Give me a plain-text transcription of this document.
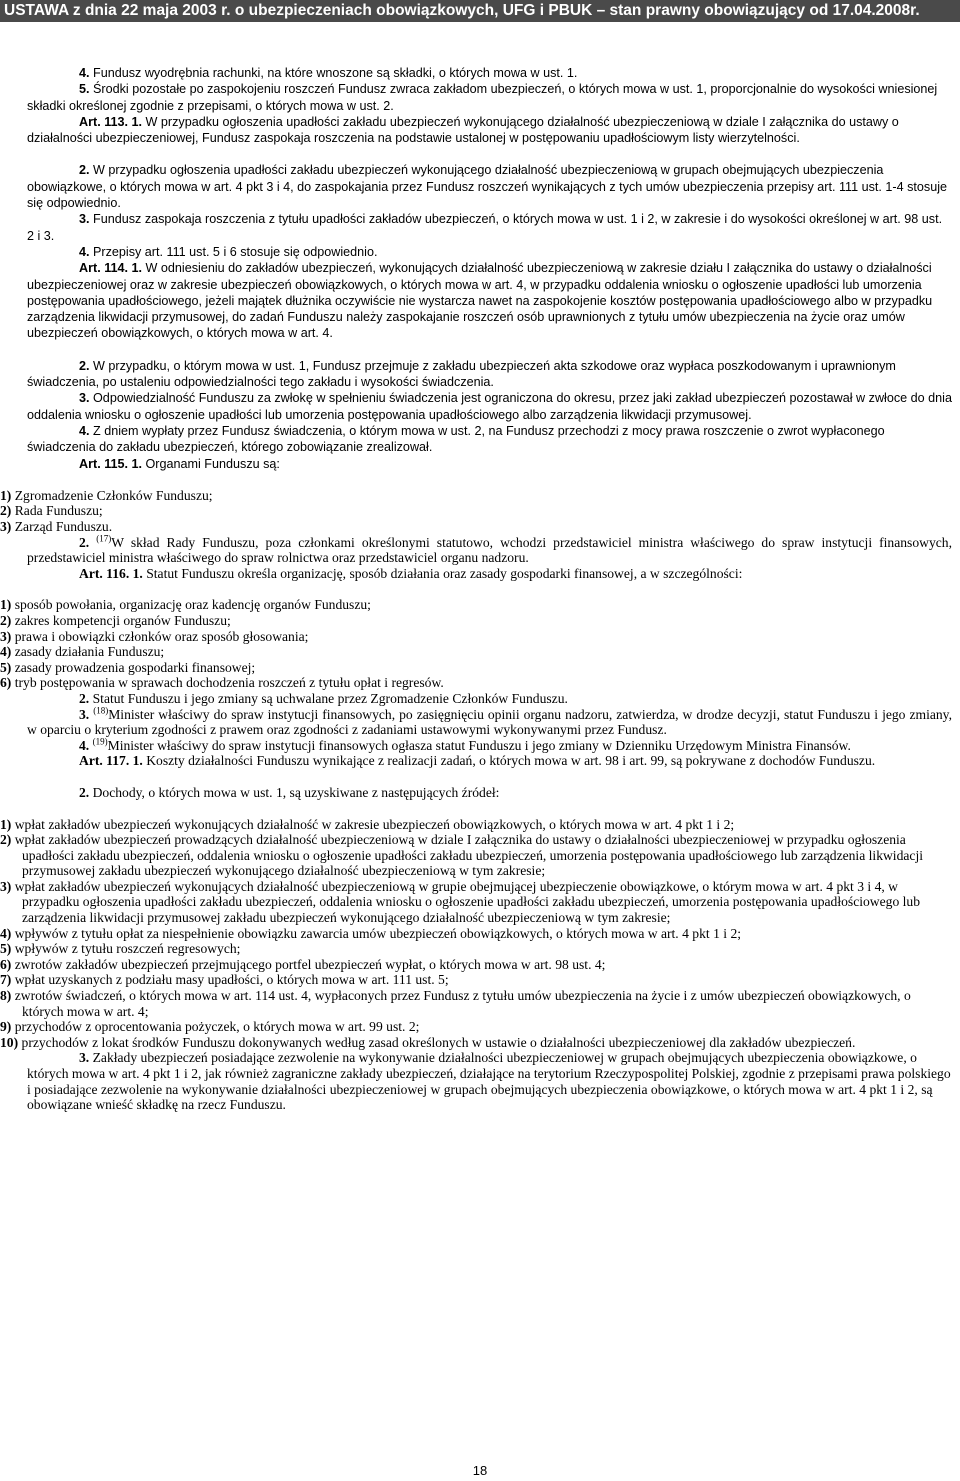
USTAWA z dnia 22 maja 2003 r. o ubezpieczeniach obowiązkowych, UFG i PBUK – stan prawny obowiązujący od 17.04.2008r.

4. Fundusz wyodrębnia rachunki, na które wnoszone są składki, o których mowa w ust. 1.

5. Środki pozostałe po zaspokojeniu roszczeń Fundusz zwraca zakładom ubezpieczeń, o których mowa w ust. 1, proporcjonalnie do wysokości wniesionej składki określonej zgodnie z przepisami, o których mowa w ust. 2.

Art. 113. 1. W przypadku ogłoszenia upadłości zakładu ubezpieczeń wykonującego działalność ubezpieczeniową w dziale I załącznika do ustawy o działalności ubezpieczeniowej, Fundusz zaspokaja roszczenia na podstawie ustalonej w postępowaniu upadłościowym listy wierzytelności.

2. W przypadku ogłoszenia upadłości zakładu ubezpieczeń wykonującego działalność ubezpieczeniową w grupach obejmujących ubezpieczenia obowiązkowe, o których mowa w art. 4 pkt 3 i 4, do zaspokajania przez Fundusz roszczeń wynikających z tych umów ubezpieczenia przepisy art. 111 ust. 1-4 stosuje się odpowiednio.

3. Fundusz zaspokaja roszczenia z tytułu upadłości zakładów ubezpieczeń, o których mowa w ust. 1 i 2, w zakresie i do wysokości określonej w art. 98 ust. 2 i 3.

4. Przepisy art. 111 ust. 5 i 6 stosuje się odpowiednio.

Art. 114. 1. W odniesieniu do zakładów ubezpieczeń, wykonujących działalność ubezpieczeniową w zakresie działu I załącznika do ustawy o działalności ubezpieczeniowej oraz w zakresie ubezpieczeń obowiązkowych, o których mowa w art. 4, w przypadku oddalenia wniosku o ogłoszenie upadłości lub umorzenia postępowania upadłościowego, jeżeli majątek dłużnika oczywiście nie wystarcza nawet na zaspokojenie kosztów postępowania upadłościowego albo w przypadku zarządzenia likwidacji przymusowej, do zadań Funduszu należy zaspokajanie roszczeń osób uprawnionych z tytułu umów ubezpieczenia na życie oraz umów ubezpieczeń obowiązkowych, o których mowa w art. 4.

2. W przypadku, o którym mowa w ust. 1, Fundusz przejmuje z zakładu ubezpieczeń akta szkodowe oraz wypłaca poszkodowanym i uprawnionym świadczenia, po ustaleniu odpowiedzialności tego zakładu i wysokości świadczenia.

3. Odpowiedzialność Funduszu za zwłokę w spełnieniu świadczenia jest ograniczona do okresu, przez jaki zakład ubezpieczeń pozostawał w zwłoce do dnia oddalenia wniosku o ogłoszenie upadłości lub umorzenia postępowania upadłościowego albo zarządzenia likwidacji przymusowej.

4. Z dniem wypłaty przez Fundusz świadczenia, o którym mowa w ust. 2, na Fundusz przechodzi z mocy prawa roszczenie o zwrot wypłaconego świadczenia do zakładu ubezpieczeń, którego zobowiązanie zrealizował.

Art. 115. 1. Organami Funduszu są:

1) Zgromadzenie Członków Funduszu;

2) Rada Funduszu;

3) Zarząd Funduszu.

2. $^{(17)}$W skład Rady Funduszu, poza członkami określonymi statutowo, wchodzi przedstawiciel ministra właściwego do spraw instytucji finansowych, przedstawiciel ministra właściwego do spraw rolnictwa oraz przedstawiciel organu nadzoru.

Art. 116. 1. Statut Funduszu określa organizację, sposób działania oraz zasady gospodarki finansowej, a w szczególności:

1) sposób powołania, organizację oraz kadencję organów Funduszu;

2) zakres kompetencji organów Funduszu;

3) prawa i obowiązki członków oraz sposób głosowania;

4) zasady działania Funduszu;

5) zasady prowadzenia gospodarki finansowej;

6) tryb postępowania w sprawach dochodzenia roszczeń z tytułu opłat i regresów.

2. Statut Funduszu i jego zmiany są uchwalane przez Zgromadzenie Członków Funduszu.

3. $^{(18)}$Minister właściwy do spraw instytucji finansowych, po zasięgnięciu opinii organu nadzoru, zatwierdza, w drodze decyzji, statut Funduszu i jego zmiany, w oparciu o kryterium zgodności z prawem oraz zgodności z zadaniami ustawowymi wykonywanymi przez Fundusz.

4. $^{(19)}$Minister właściwy do spraw instytucji finansowych ogłasza statut Funduszu i jego zmiany w Dzienniku Urzędowym Ministra Finansów.

Art. 117. 1. Koszty działalności Funduszu wynikające z realizacji zadań, o których mowa w art. 98 i art. 99, są pokrywane z dochodów Funduszu.

2. Dochody, o których mowa w ust. 1, są uzyskiwane z następujących źródeł:

1) wpłat zakładów ubezpieczeń wykonujących działalność w zakresie ubezpieczeń obowiązkowych, o których mowa w art. 4 pkt 1 i 2;

2) wpłat zakładów ubezpieczeń prowadzących działalność ubezpieczeniową w dziale I załącznika do ustawy o działalności ubezpieczeniowej w przypadku ogłoszenia upadłości zakładu ubezpieczeń, oddalenia wniosku o ogłoszenie upadłości zakładu ubezpieczeń, umorzenia postępowania upadłościowego lub zarządzenia likwidacji przymusowej zakładu ubezpieczeń wykonującego działalność ubezpieczeniową w tym zakresie;

3) wpłat zakładów ubezpieczeń wykonujących działalność ubezpieczeniową w grupie obejmującej ubezpieczenie obowiązkowe, o którym mowa w art. 4 pkt 3 i 4, w przypadku ogłoszenia upadłości zakładu ubezpieczeń, oddalenia wniosku o ogłoszenie upadłości zakładu ubezpieczeń, umorzenia postępowania upadłościowego lub zarządzenia likwidacji przymusowej zakładu ubezpieczeń wykonującego działalność ubezpieczeniową w tym zakresie;

4) wpływów z tytułu opłat za niespełnienie obowiązku zawarcia umów ubezpieczeń obowiązkowych, o których mowa w art. 4 pkt 1 i 2;

5) wpływów z tytułu roszczeń regresowych;

6) zwrotów zakładów ubezpieczeń przejmującego portfel ubezpieczeń wypłat, o których mowa w art. 98 ust. 4;

7) wpłat uzyskanych z podziału masy upadłości, o których mowa w art. 111 ust. 5;

8) zwrotów świadczeń, o których mowa w art. 114 ust. 4, wypłaconych przez Fundusz z tytułu umów ubezpieczenia na życie i z umów ubezpieczeń obowiązkowych, o których mowa w art. 4;

9) przychodów z oprocentowania pożyczek, o których mowa w art. 99 ust. 2;

10) przychodów z lokat środków Funduszu dokonywanych według zasad określonych w ustawie o działalności ubezpieczeniowej dla zakładów ubezpieczeń.

3. Zakłady ubezpieczeń posiadające zezwolenie na wykonywanie działalności ubezpieczeniowej w grupach obejmujących ubezpieczenia obowiązkowe, o których mowa w art. 4 pkt 1 i 2, jak również zagraniczne zakłady ubezpieczeń, działające na terytorium Rzeczypospolitej Polskiej, zgodnie z przepisami prawa polskiego i posiadające zezwolenie na wykonywanie działalności ubezpieczeniowej w grupach obejmujących ubezpieczenia obowiązkowe, o których mowa w art. 4 pkt 1 i 2, są obowiązane wnieść składkę na rzecz Funduszu.

18
